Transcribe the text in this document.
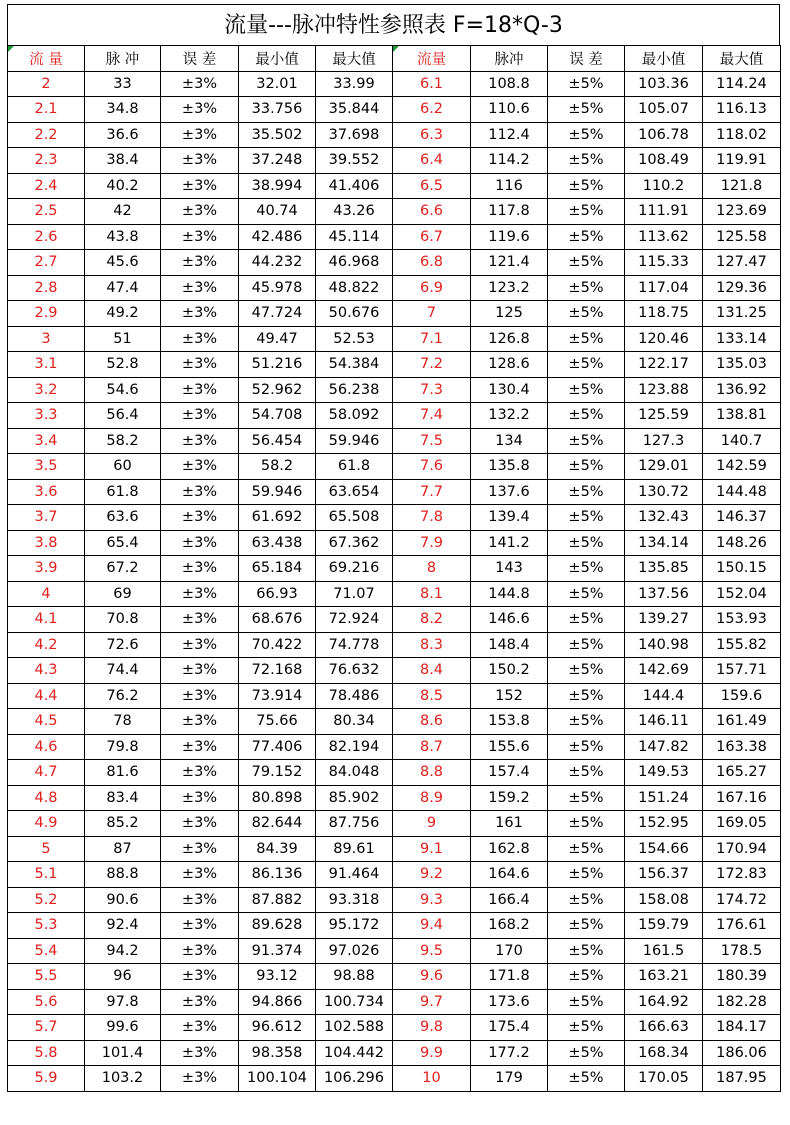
流量---脉冲特性参照表 F=18*Q-3
流 量	脉 冲	误 差	最小值	最大值	流量	脉冲	误 差	最小值	最大值
2	33	±3%	32.01	33.99	6.1	108.8	±5%	103.36	114.24
2.1	34.8	±3%	33.756	35.844	6.2	110.6	±5%	105.07	116.13
2.2	36.6	±3%	35.502	37.698	6.3	112.4	±5%	106.78	118.02
2.3	38.4	±3%	37.248	39.552	6.4	114.2	±5%	108.49	119.91
2.4	40.2	±3%	38.994	41.406	6.5	116	±5%	110.2	121.8
2.5	42	±3%	40.74	43.26	6.6	117.8	±5%	111.91	123.69
2.6	43.8	±3%	42.486	45.114	6.7	119.6	±5%	113.62	125.58
2.7	45.6	±3%	44.232	46.968	6.8	121.4	±5%	115.33	127.47
2.8	47.4	±3%	45.978	48.822	6.9	123.2	±5%	117.04	129.36
2.9	49.2	±3%	47.724	50.676	7	125	±5%	118.75	131.25
3	51	±3%	49.47	52.53	7.1	126.8	±5%	120.46	133.14
3.1	52.8	±3%	51.216	54.384	7.2	128.6	±5%	122.17	135.03
3.2	54.6	±3%	52.962	56.238	7.3	130.4	±5%	123.88	136.92
3.3	56.4	±3%	54.708	58.092	7.4	132.2	±5%	125.59	138.81
3.4	58.2	±3%	56.454	59.946	7.5	134	±5%	127.3	140.7
3.5	60	±3%	58.2	61.8	7.6	135.8	±5%	129.01	142.59
3.6	61.8	±3%	59.946	63.654	7.7	137.6	±5%	130.72	144.48
3.7	63.6	±3%	61.692	65.508	7.8	139.4	±5%	132.43	146.37
3.8	65.4	±3%	63.438	67.362	7.9	141.2	±5%	134.14	148.26
3.9	67.2	±3%	65.184	69.216	8	143	±5%	135.85	150.15
4	69	±3%	66.93	71.07	8.1	144.8	±5%	137.56	152.04
4.1	70.8	±3%	68.676	72.924	8.2	146.6	±5%	139.27	153.93
4.2	72.6	±3%	70.422	74.778	8.3	148.4	±5%	140.98	155.82
4.3	74.4	±3%	72.168	76.632	8.4	150.2	±5%	142.69	157.71
4.4	76.2	±3%	73.914	78.486	8.5	152	±5%	144.4	159.6
4.5	78	±3%	75.66	80.34	8.6	153.8	±5%	146.11	161.49
4.6	79.8	±3%	77.406	82.194	8.7	155.6	±5%	147.82	163.38
4.7	81.6	±3%	79.152	84.048	8.8	157.4	±5%	149.53	165.27
4.8	83.4	±3%	80.898	85.902	8.9	159.2	±5%	151.24	167.16
4.9	85.2	±3%	82.644	87.756	9	161	±5%	152.95	169.05
5	87	±3%	84.39	89.61	9.1	162.8	±5%	154.66	170.94
5.1	88.8	±3%	86.136	91.464	9.2	164.6	±5%	156.37	172.83
5.2	90.6	±3%	87.882	93.318	9.3	166.4	±5%	158.08	174.72
5.3	92.4	±3%	89.628	95.172	9.4	168.2	±5%	159.79	176.61
5.4	94.2	±3%	91.374	97.026	9.5	170	±5%	161.5	178.5
5.5	96	±3%	93.12	98.88	9.6	171.8	±5%	163.21	180.39
5.6	97.8	±3%	94.866	100.734	9.7	173.6	±5%	164.92	182.28
5.7	99.6	±3%	96.612	102.588	9.8	175.4	±5%	166.63	184.17
5.8	101.4	±3%	98.358	104.442	9.9	177.2	±5%	168.34	186.06
5.9	103.2	±3%	100.104	106.296	10	179	±5%	170.05	187.95
